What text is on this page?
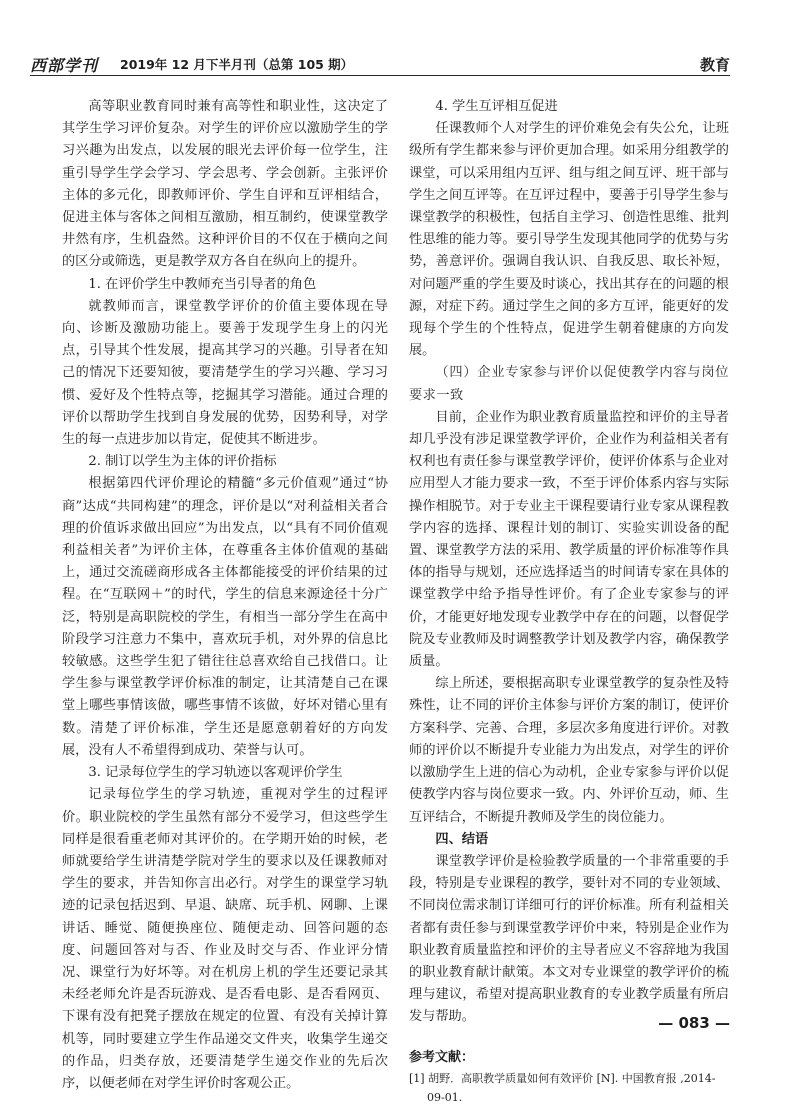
西部学刊 2019年 12 月下半月刊（总第 105 期）	教育

高等职业教育同时兼有高等性和职业性，这决定了其学生学习评价复杂。对学生的评价应以激励学生的学习兴趣为出发点，以发展的眼光去评价每一位学生，注重引导学生学会学习、学会思考、学会创新。主张评价主体的多元化，即教师评价、学生自评和互评相结合，促进主体与客体之间相互激励，相互制约，使课堂教学井然有序，生机盎然。这种评价目的不仅在于横向之间的区分或筛选，更是教学双方各自在纵向上的提升。

1. 在评价学生中教师充当引导者的角色

就教师而言，课堂教学评价的价值主要体现在导向、诊断及激励功能上。要善于发现学生身上的闪光点，引导其个性发展，提高其学习的兴趣。引导者在知己的情况下还要知彼，要清楚学生的学习兴趣、学习习惯、爱好及个性特点等，挖掘其学习潜能。通过合理的评价以帮助学生找到自身发展的优势，因势利导，对学生的每一点进步加以肯定，促使其不断进步。

2. 制订以学生为主体的评价指标

根据第四代评价理论的精髓“多元价值观”通过“协商”达成“共同构建”的理念，评价是以“对利益相关者合理的价值诉求做出回应”为出发点，以“具有不同价值观利益相关者”为评价主体，在尊重各主体价值观的基础上，通过交流磋商形成各主体都能接受的评价结果的过程。在“互联网＋”的时代，学生的信息来源途径十分广泛，特别是高职院校的学生，有相当一部分学生在高中阶段学习注意力不集中，喜欢玩手机，对外界的信息比较敏感。这些学生犯了错往往总喜欢给自己找借口。让学生参与课堂教学评价标准的制定，让其清楚自己在课堂上哪些事情该做，哪些事情不该做，好坏对错心里有数。清楚了评价标准，学生还是愿意朝着好的方向发展，没有人不希望得到成功、荣誉与认可。

3. 记录每位学生的学习轨迹以客观评价学生

记录每位学生的学习轨迹，重视对学生的过程评价。职业院校的学生虽然有部分不爱学习，但这些学生同样是很看重老师对其评价的。在学期开始的时候，老师就要给学生讲清楚学院对学生的要求以及任课教师对学生的要求，并告知你言出必行。对学生的课堂学习轨迹的记录包括迟到、早退、缺席、玩手机、网聊、上课讲话、睡觉、随便换座位、随便走动、回答问题的态度、问题回答对与否、作业及时交与否、作业评分情况、课堂行为好坏等。对在机房上机的学生还要记录其未经老师允许是否玩游戏、是否看电影、是否看网页、下课有没有把凳子摆放在规定的位置、有没有关掉计算机等，同时要建立学生作品递交文件夹，收集学生递交的作品，归类存放，还要清楚学生递交作业的先后次序，以便老师在对学生评价时客观公正。

4. 学生互评相互促进

任课教师个人对学生的评价难免会有失公允，让班级所有学生都来参与评价更加合理。如采用分组教学的课堂，可以采用组内互评、组与组之间互评、班干部与学生之间互评等。在互评过程中，要善于引导学生参与课堂教学的积极性，包括自主学习、创造性思维、批判性思维的能力等。要引导学生发现其他同学的优势与劣势，善意评价。强调自我认识、自我反思、取长补短，对问题严重的学生要及时谈心，找出其存在的问题的根源，对症下药。通过学生之间的多方互评，能更好的发现每个学生的个性特点，促进学生朝着健康的方向发展。

（四）企业专家参与评价以促使教学内容与岗位要求一致

目前，企业作为职业教育质量监控和评价的主导者却几乎没有涉足课堂教学评价，企业作为利益相关者有权利也有责任参与课堂教学评价，使评价体系与企业对应用型人才能力要求一致，不至于评价体系内容与实际操作相脱节。对于专业主干课程要请行业专家从课程教学内容的选择、课程计划的制订、实验实训设备的配置、课堂教学方法的采用、教学质量的评价标准等作具体的指导与规划，还应选择适当的时间请专家在具体的课堂教学中给予指导性评价。有了企业专家参与的评价，才能更好地发现专业教学中存在的问题，以督促学院及专业教师及时调整教学计划及教学内容，确保教学质量。

综上所述，要根据高职专业课堂教学的复杂性及特殊性，让不同的评价主体参与评价方案的制订，使评价方案科学、完善、合理，多层次多角度进行评价。对教师的评价以不断提升专业能力为出发点，对学生的评价以激励学生上进的信心为动机，企业专家参与评价以促使教学内容与岗位要求一致。内、外评价互动，师、生互评结合，不断提升教师及学生的岗位能力。

四、结语

课堂教学评价是检验教学质量的一个非常重要的手段，特别是专业课程的教学，要针对不同的专业领域、不同岗位需求制订详细可行的评价标准。所有利益相关者都有责任参与到课堂教学评价中来，特别是企业作为职业教育质量监控和评价的主导者应义不容辞地为我国的职业教育献计献策。本文对专业课堂的教学评价的梳理与建议，希望对提高职业教育的专业教学质量有所启发与帮助。

参考文献：
[1] 胡野．高职教学质量如何有效评价 [N]. 中国教育报 ,2014-09-01.
— 083 —
